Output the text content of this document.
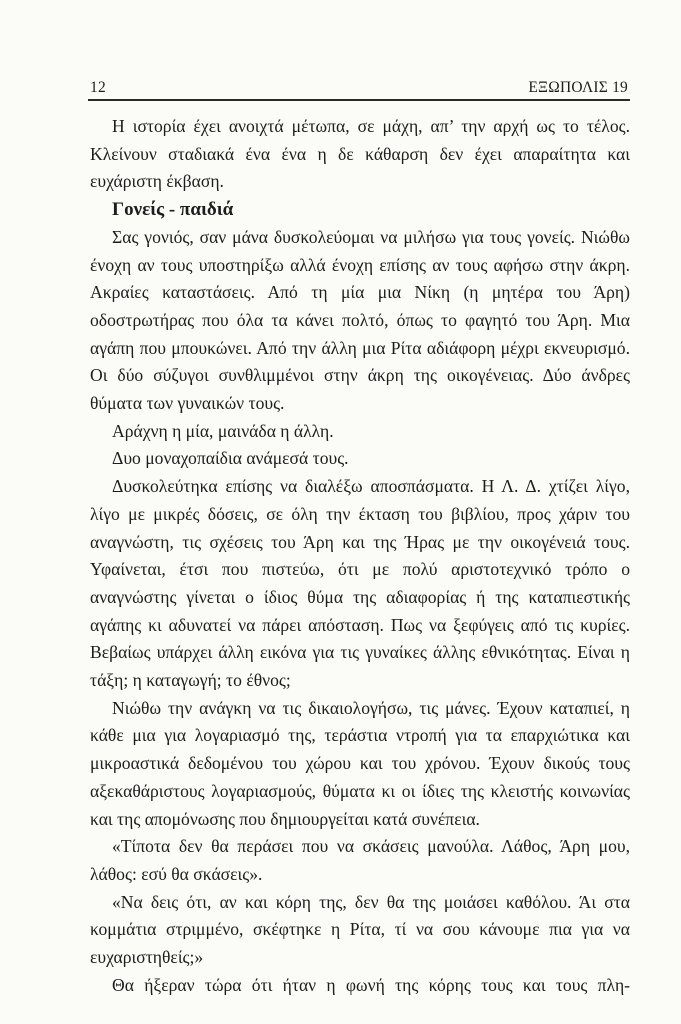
12	ΕΞΩΠΟΛΙΣ 19

Η ιστορία έχει ανοιχτά μέτωπα, σε μάχη, απ’ την αρχή ως το τέλος. Κλείνουν σταδιακά ένα ένα η δε κάθαρση δεν έχει απαραίτητα και ευχάριστη έκβαση.

Γονείς - παιδιά

Σας γονιός, σαν μάνα δυσκολεύομαι να μιλήσω για τους γονείς. Νιώθω ένοχη αν τους υποστηρίξω αλλά ένοχη επίσης αν τους αφήσω στην άκρη. Ακραίες καταστάσεις. Από τη μία μια Νίκη (η μητέρα του Άρη) οδοστρωτήρας που όλα τα κάνει πολτό, όπως το φαγητό του Άρη. Μια αγάπη που μπουκώνει. Από την άλλη μια Ρίτα αδιάφορη μέχρι εκνευρισμό. Οι δύο σύζυγοι συνθλιμμένοι στην άκρη της οικογένειας. Δύο άνδρες θύματα των γυναικών τους.

Αράχνη η μία, μαινάδα η άλλη.

Δυο μοναχοπαίδια ανάμεσά τους.

Δυσκολεύτηκα επίσης να διαλέξω αποσπάσματα. Η Λ. Δ. χτίζει λίγο, λίγο με μικρές δόσεις, σε όλη την έκταση του βιβλίου, προς χάριν του αναγνώστη, τις σχέσεις του Άρη και της Ήρας με την οικογένειά τους. Υφαίνεται, έτσι που πιστεύω, ότι με πολύ αριστοτεχνικό τρόπο ο αναγνώστης γίνεται ο ίδιος θύμα της αδιαφορίας ή της καταπιεστικής αγάπης κι αδυνατεί να πάρει απόσταση. Πως να ξεφύγεις από τις κυρίες. Βεβαίως υπάρχει άλλη εικόνα για τις γυναίκες άλλης εθνικότητας. Είναι η τάξη; η καταγωγή; το έθνος;

Νιώθω την ανάγκη να τις δικαιολογήσω, τις μάνες. Έχουν καταπιεί, η κάθε μια για λογαριασμό της, τεράστια ντροπή για τα επαρχιώτικα και μικροαστικά δεδομένου του χώρου και του χρόνου. Έχουν δικούς τους αξεκαθάριστους λογαριασμούς, θύματα κι οι ίδιες της κλειστής κοινωνίας και της απομόνωσης που δημιουργείται κατά συνέπεια.

«Τίποτα δεν θα περάσει που να σκάσεις μανούλα. Λάθος, Άρη μου, λάθος: εσύ θα σκάσεις».

«Να δεις ότι, αν και κόρη της, δεν θα της μοιάσει καθόλου. Άι στα κομμάτια στριμμένο, σκέφτηκε η Ρίτα, τί να σου κάνουμε πια για να ευχαριστηθείς;»

Θα ήξεραν τώρα ότι ήταν η φωνή της κόρης τους και τους πλη-
